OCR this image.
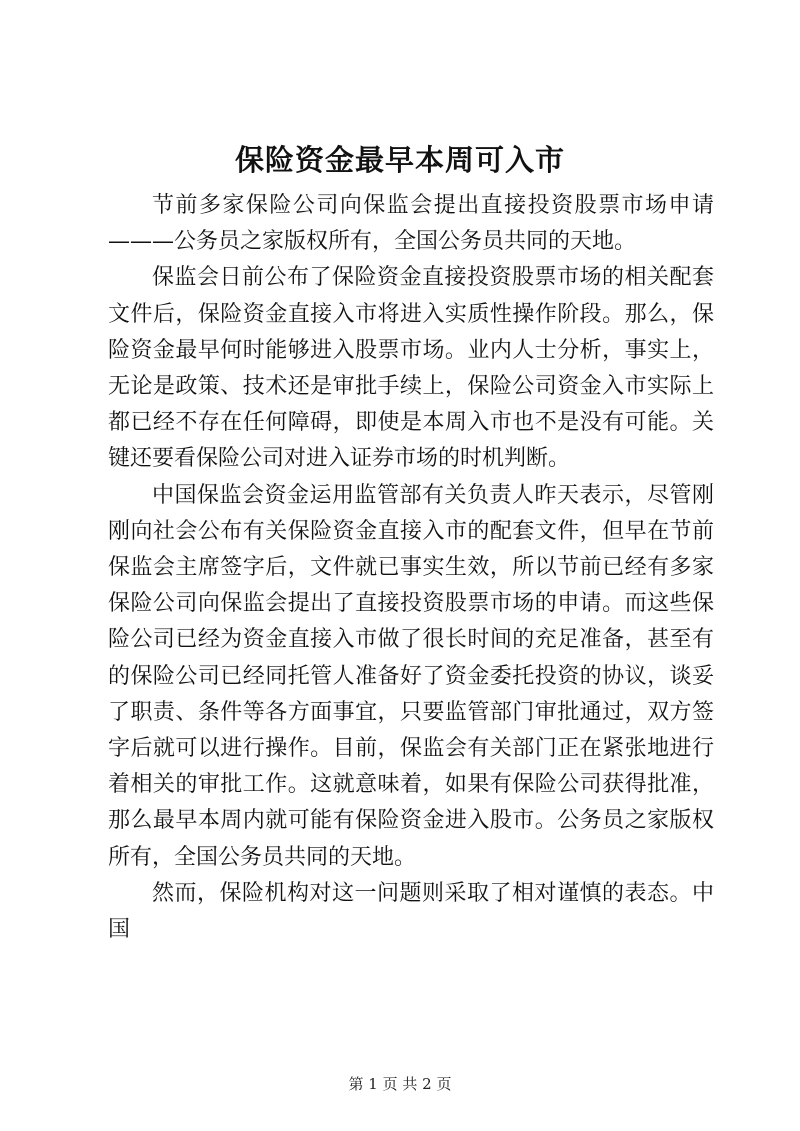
保险资金最早本周可入市

节前多家保险公司向保监会提出直接投资股票市场申请———公务员之家版权所有，全国公务员共同的天地。

保监会日前公布了保险资金直接投资股票市场的相关配套文件后，保险资金直接入市将进入实质性操作阶段。那么，保险资金最早何时能够进入股票市场。业内人士分析，事实上，无论是政策、技术还是审批手续上，保险公司资金入市实际上都已经不存在任何障碍，即使是本周入市也不是没有可能。关键还要看保险公司对进入证券市场的时机判断。

中国保监会资金运用监管部有关负责人昨天表示，尽管刚刚向社会公布有关保险资金直接入市的配套文件，但早在节前保监会主席签字后，文件就已事实生效，所以节前已经有多家保险公司向保监会提出了直接投资股票市场的申请。而这些保险公司已经为资金直接入市做了很长时间的充足准备，甚至有的保险公司已经同托管人准备好了资金委托投资的协议，谈妥了职责、条件等各方面事宜，只要监管部门审批通过，双方签字后就可以进行操作。目前，保监会有关部门正在紧张地进行着相关的审批工作。这就意味着，如果有保险公司获得批准，那么最早本周内就可能有保险资金进入股市。公务员之家版权所有，全国公务员共同的天地。

然而，保险机构对这一问题则采取了相对谨慎的表态。中国

第 1 页 共 2 页
